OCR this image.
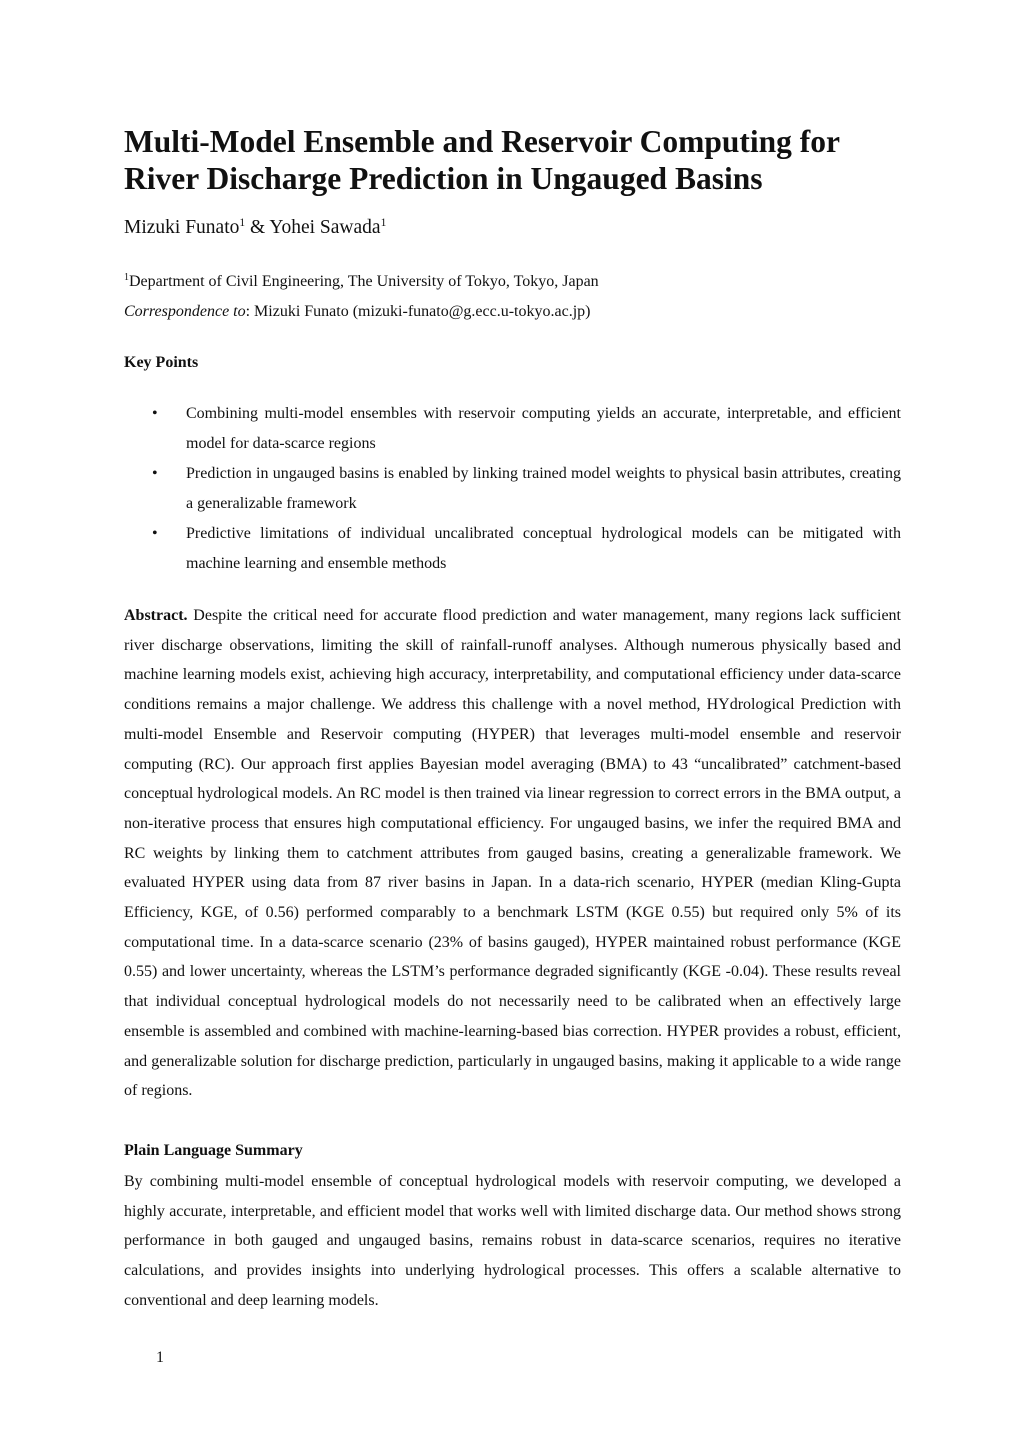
Multi-Model Ensemble and Reservoir Computing for
River Discharge Prediction in Ungauged Basins

Mizuki Funato$^1$ & Yohei Sawada$^1$

$^1$Department of Civil Engineering, The University of Tokyo, Tokyo, Japan

Correspondence to: Mizuki Funato (mizuki-funato@g.ecc.u-tokyo.ac.jp)

Key Points
• Combining multi-model ensembles with reservoir computing yields an accurate, interpretable, and efficient model for data-scarce regions
• Prediction in ungauged basins is enabled by linking trained model weights to physical basin attributes, creating a generalizable framework
• Predictive limitations of individual uncalibrated conceptual hydrological models can be mitigated with machine learning and ensemble methods

Abstract. Despite the critical need for accurate flood prediction and water management, many regions lack sufficient river discharge observations, limiting the skill of rainfall-runoff analyses. Although numerous physically based and machine learning models exist, achieving high accuracy, interpretability, and computational efficiency under data-scarce conditions remains a major challenge. We address this challenge with a novel method, HYdrological Prediction with multi-model Ensemble and Reservoir computing (HYPER) that leverages multi-model ensemble and reservoir computing (RC). Our approach first applies Bayesian model averaging (BMA) to 43 “uncalibrated” catchment-based conceptual hydrological models. An RC model is then trained via linear regression to correct errors in the BMA output, a non-iterative process that ensures high computational efficiency. For ungauged basins, we infer the required BMA and RC weights by linking them to catchment attributes from gauged basins, creating a generalizable framework. We evaluated HYPER using data from 87 river basins in Japan. In a data-rich scenario, HYPER (median Kling-Gupta Efficiency, KGE, of 0.56) performed comparably to a benchmark LSTM (KGE 0.55) but required only 5% of its computational time. In a data-scarce scenario (23% of basins gauged), HYPER maintained robust performance (KGE 0.55) and lower uncertainty, whereas the LSTM’s performance degraded significantly (KGE -0.04). These results reveal that individual conceptual hydrological models do not necessarily need to be calibrated when an effectively large ensemble is assembled and combined with machine-learning-based bias correction. HYPER provides a robust, efficient, and generalizable solution for discharge prediction, particularly in ungauged basins, making it applicable to a wide range of regions.

Plain Language Summary

By combining multi-model ensemble of conceptual hydrological models with reservoir computing, we developed a highly accurate, interpretable, and efficient model that works well with limited discharge data. Our method shows strong performance in both gauged and ungauged basins, remains robust in data-scarce scenarios, requires no iterative calculations, and provides insights into underlying hydrological processes. This offers a scalable alternative to conventional and deep learning models.

1
